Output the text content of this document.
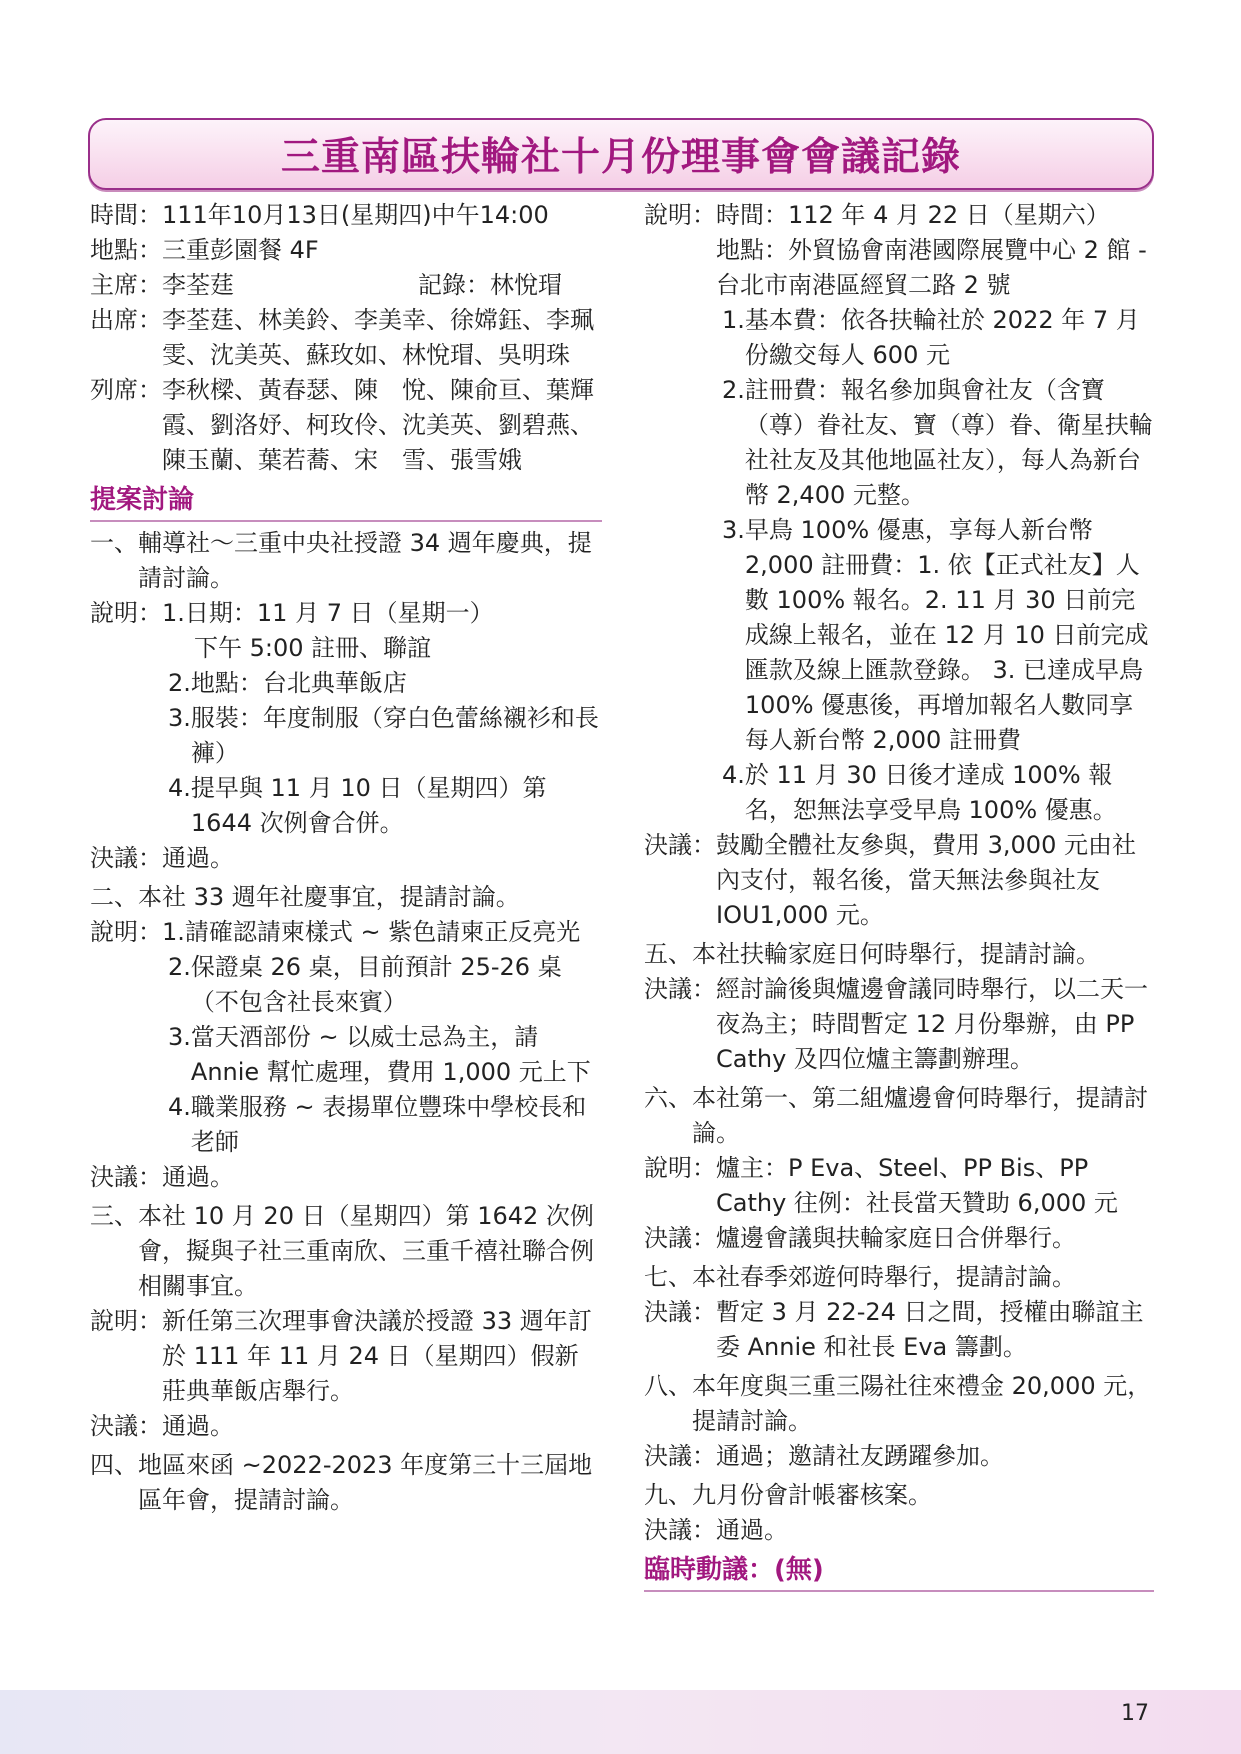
三重南區扶輪社十月份理事會會議記錄
時間： 111年10月13日(星期四)中午14:00
地點： 三重彭園餐 4F
主席： 李荃莛	記錄：林悅瑁
出席： 李荃莛、林美鈴、李美幸、徐嫦鈺、李珮雯、沈美英、蘇玫如、林悅瑁、吳明珠
列席： 李秋樑、黃春瑟、陳　悅、陳俞亘、葉輝霞、劉洛妤、柯玫伶、沈美英、劉碧燕、陳玉蘭、葉若蕎、宋　雪、張雪娥
提案討論
一、 輔導社～三重中央社授證 34 週年慶典，提請討論。
說明： 1. 日期：11 月 7 日（星期一）
下午 5:00 註冊、聯誼
2. 地點：台北典華飯店
3. 服裝：年度制服（穿白色蕾絲襯衫和長褲）
4. 提早與 11 月 10 日（星期四）第 1644 次例會合併。
決議： 通過。
二、 本社 33 週年社慶事宜，提請討論。
說明： 1. 請確認請柬樣式 ~ 紫色請柬正反亮光
2. 保證桌 26 桌，目前預計 25-26 桌（不包含社長來賓）
3. 當天酒部份 ~ 以威士忌為主，請 Annie 幫忙處理，費用 1,000 元上下
4. 職業服務 ~ 表揚單位豐珠中學校長和老師
決議： 通過。
三、 本社 10 月 20 日（星期四）第 1642 次例會，擬與子社三重南欣、三重千禧社聯合例相關事宜。
說明： 新任第三次理事會決議於授證 33 週年訂於 111 年 11 月 24 日（星期四）假新莊典華飯店舉行。
決議： 通過。
四、 地區來函 ~2022-2023 年度第三十三屆地區年會，提請討論。
說明： 時間：112 年 4 月 22 日（星期六）
地點：外貿協會南港國際展覽中心 2 館 - 台北市南港區經貿二路 2 號
1. 基本費：依各扶輪社於 2022 年 7 月份繳交每人 600 元
2. 註冊費：報名參加與會社友（含寶（尊）眷社友、寶（尊）眷、衛星扶輪社社友及其他地區社友），每人為新台幣 2,400 元整。
3. 早鳥 100% 優惠，享每人新台幣 2,000 註冊費：1. 依【正式社友】人數 100% 報名。2. 11 月 30 日前完成線上報名，並在 12 月 10 日前完成匯款及線上匯款登錄。 3. 已達成早鳥 100% 優惠後，再增加報名人數同享每人新台幣 2,000 註冊費
4. 於 11 月 30 日後才達成 100% 報名，恕無法享受早鳥 100% 優惠。
決議： 鼓勵全體社友參與，費用 3,000 元由社內支付，報名後，當天無法參與社友 IOU1,000 元。
五、 本社扶輪家庭日何時舉行，提請討論。
決議： 經討論後與爐邊會議同時舉行，以二天一夜為主；時間暫定 12 月份舉辦，由 PP Cathy 及四位爐主籌劃辦理。
六、 本社第一、第二組爐邊會何時舉行，提請討論。
說明： 爐主：P Eva、Steel、PP Bis、PP Cathy 往例：社長當天贊助 6,000 元
決議： 爐邊會議與扶輪家庭日合併舉行。
七、 本社春季郊遊何時舉行，提請討論。
決議： 暫定 3 月 22-24 日之間，授權由聯誼主委 Annie 和社長 Eva 籌劃。
八、 本年度與三重三陽社往來禮金 20,000 元，提請討論。
決議： 通過；邀請社友踴躍參加。
九、 九月份會計帳審核案。
決議： 通過。
臨時動議：(無)
17
